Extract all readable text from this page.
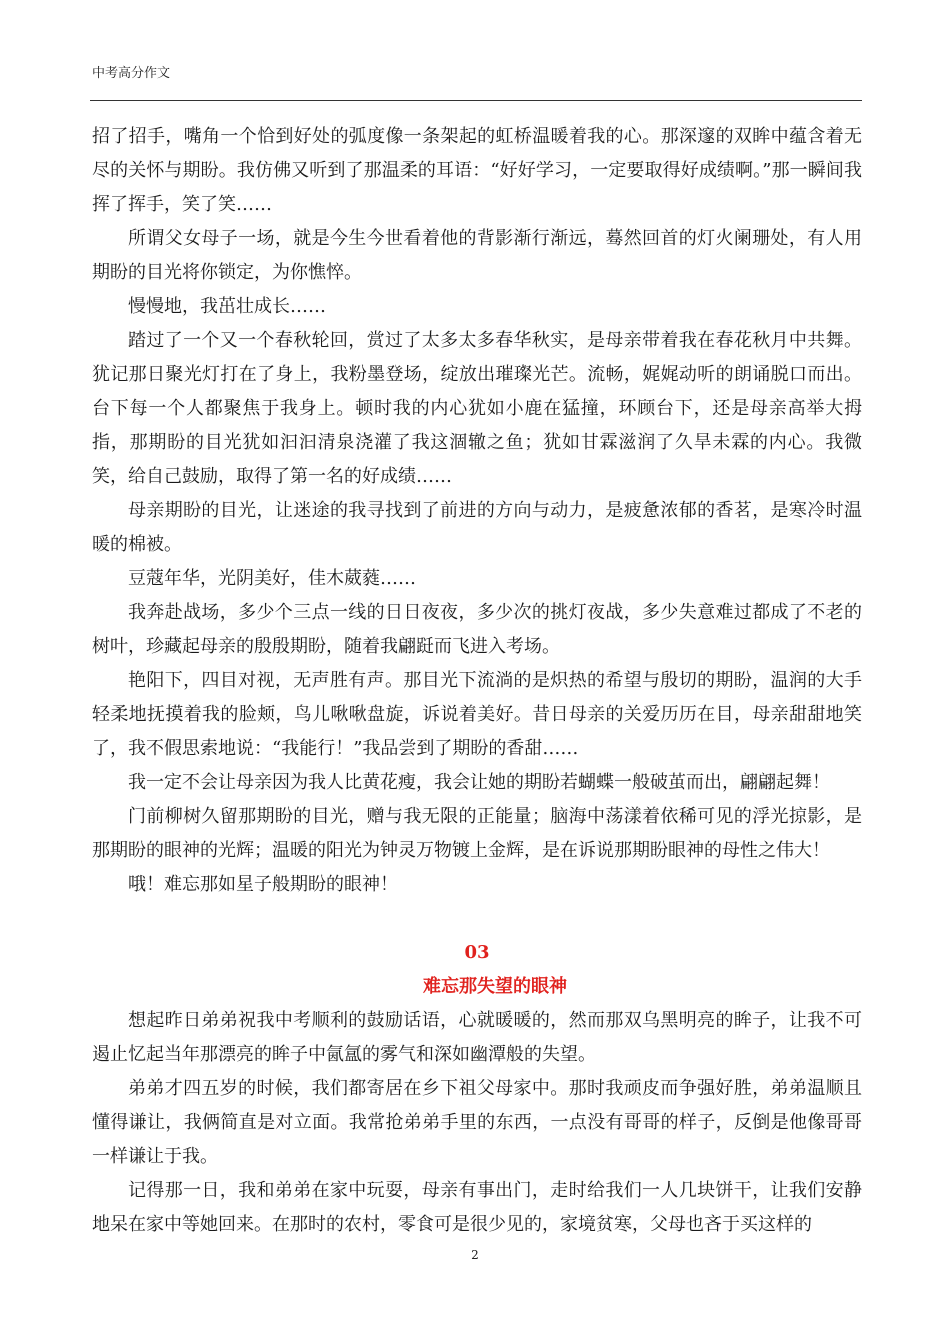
中考高分作文

招了招手，嘴角一个恰到好处的弧度像一条架起的虹桥温暖着我的心。那深邃的双眸中蕴含着无尽的关怀与期盼。我仿佛又听到了那温柔的耳语：“好好学习，一定要取得好成绩啊。”那一瞬间我挥了挥手，笑了笑……

所谓父女母子一场，就是今生今世看着他的背影渐行渐远，蓦然回首的灯火阑珊处，有人用期盼的目光将你锁定，为你憔悴。

慢慢地，我茁壮成长……

踏过了一个又一个春秋轮回，赏过了太多太多春华秋实，是母亲带着我在春花秋月中共舞。犹记那日聚光灯打在了身上，我粉墨登场，绽放出璀璨光芒。流畅，娓娓动听的朗诵脱口而出。台下每一个人都聚焦于我身上。顿时我的内心犹如小鹿在猛撞，环顾台下，还是母亲高举大拇指，那期盼的目光犹如汩汩清泉浇灌了我这涸辙之鱼；犹如甘霖滋润了久旱未霖的内心。我微笑，给自己鼓励，取得了第一名的好成绩……

母亲期盼的目光，让迷途的我寻找到了前进的方向与动力，是疲惫浓郁的香茗，是寒冷时温暖的棉被。

豆蔻年华，光阴美好，佳木葳蕤……

我奔赴战场，多少个三点一线的日日夜夜，多少次的挑灯夜战，多少失意难过都成了不老的树叶，珍藏起母亲的殷殷期盼，随着我翩跹而飞进入考场。

艳阳下，四目对视，无声胜有声。那目光下流淌的是炽热的希望与殷切的期盼，温润的大手轻柔地抚摸着我的脸颊，鸟儿啾啾盘旋，诉说着美好。昔日母亲的关爱历历在目，母亲甜甜地笑了，我不假思索地说：“我能行！”我品尝到了期盼的香甜……

我一定不会让母亲因为我人比黄花瘦，我会让她的期盼若蝴蝶一般破茧而出，翩翩起舞！

门前柳树久留那期盼的目光，赠与我无限的正能量；脑海中荡漾着依稀可见的浮光掠影，是那期盼的眼神的光辉；温暖的阳光为钟灵万物镀上金辉，是在诉说那期盼眼神的母性之伟大！

哦！难忘那如星子般期盼的眼神！

03

难忘那失望的眼神

想起昨日弟弟祝我中考顺利的鼓励话语，心就暖暖的，然而那双乌黑明亮的眸子，让我不可遏止忆起当年那漂亮的眸子中氤氲的雾气和深如幽潭般的失望。

弟弟才四五岁的时候，我们都寄居在乡下祖父母家中。那时我顽皮而争强好胜，弟弟温顺且懂得谦让，我俩简直是对立面。我常抢弟弟手里的东西，一点没有哥哥的样子，反倒是他像哥哥一样谦让于我。

记得那一日，我和弟弟在家中玩耍，母亲有事出门，走时给我们一人几块饼干，让我们安静地呆在家中等她回来。在那时的农村，零食可是很少见的，家境贫寒，父母也吝于买这样的

2
